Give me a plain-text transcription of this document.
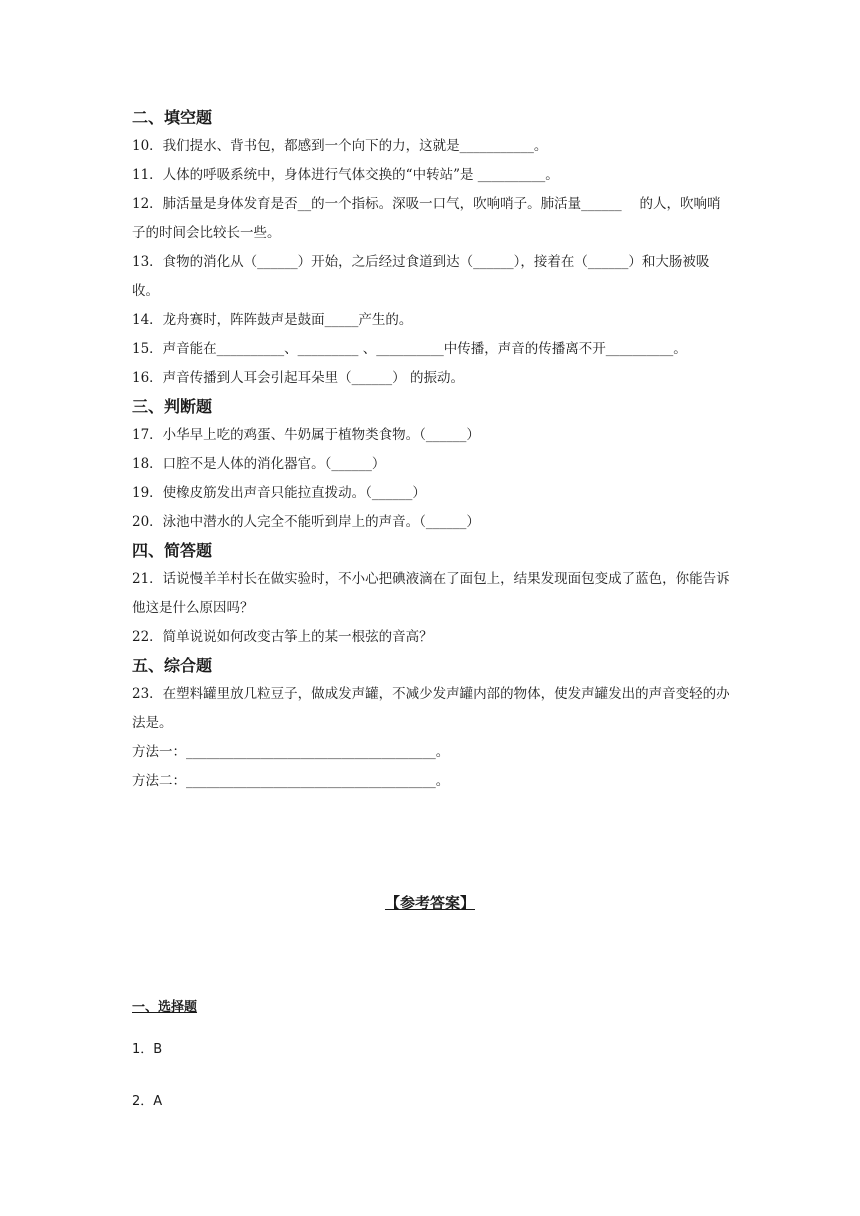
二、填空题

10．我们提水、背书包，都感到一个向下的力，这就是___________。

11．人体的呼吸系统中，身体进行气体交换的“中转站”是 __________。

12．肺活量是身体发育是否__的一个指标。深吸一口气，吹响哨子。肺活量______　 的人，吹响哨子的时间会比较长一些。

13．食物的消化从（______）开始，之后经过食道到达（______），接着在（______）和大肠被吸收。

14．龙舟赛时，阵阵鼓声是鼓面_____产生的。

15．声音能在__________、_________ 、__________中传播，声音的传播离不开__________。

16．声音传播到人耳会引起耳朵里（______） 的振动。

三、判断题

17．小华早上吃的鸡蛋、牛奶属于植物类食物。（______）

18．口腔不是人体的消化器官。（______）

19．使橡皮筋发出声音只能拉直拨动。（______）

20．泳池中潜水的人完全不能听到岸上的声音。（______）

四、简答题

21．话说慢羊羊村长在做实验时，不小心把碘液滴在了面包上，结果发现面包变成了蓝色，你能告诉他这是什么原因吗？

22．简单说说如何改变古筝上的某一根弦的音高？

五、综合题

23．在塑料罐里放几粒豆子，做成发声罐，不减少发声罐内部的物体，使发声罐发出的声音变轻的办法是。

方法一：_____________________________________。

方法二：_____________________________________。

【参考答案】
一、选择题
1．B
2．A
